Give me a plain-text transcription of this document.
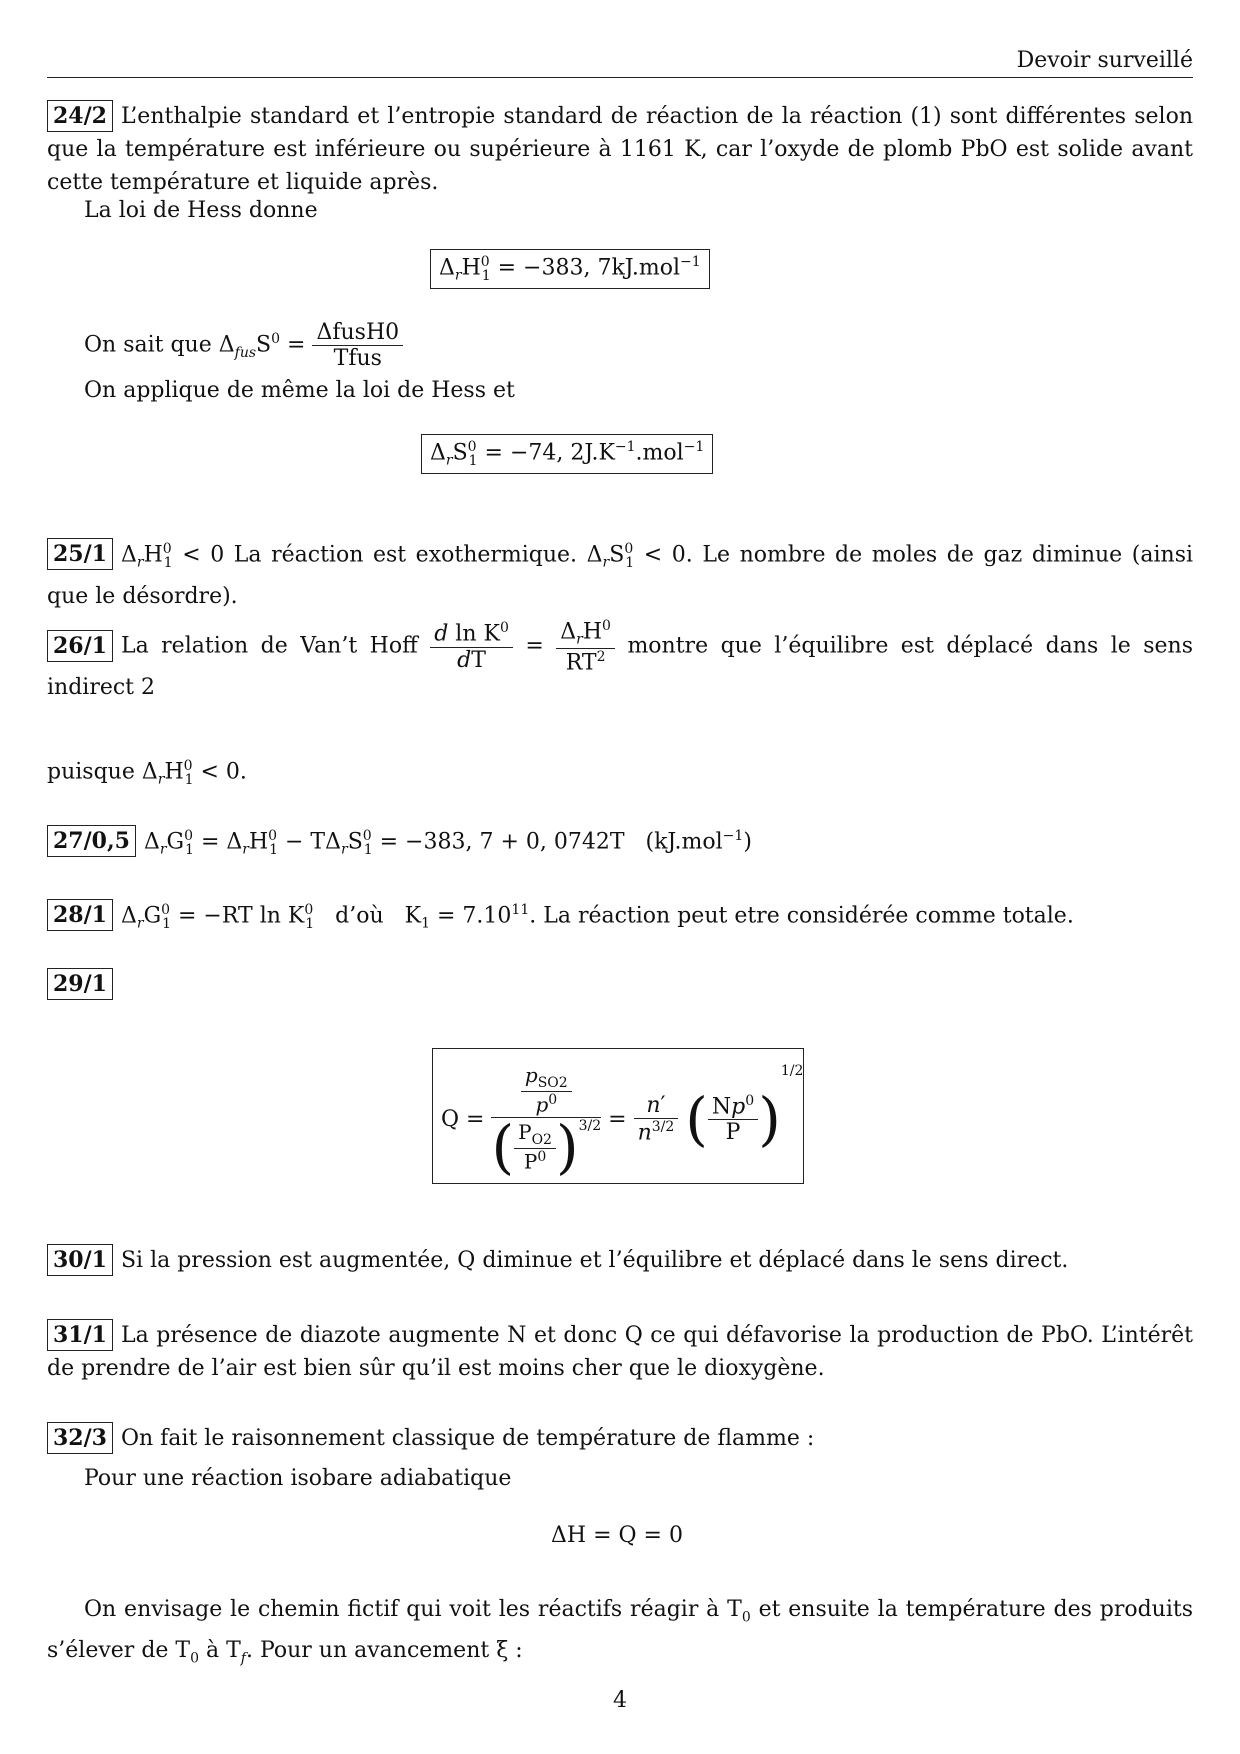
Devoir surveillé
24/2 L’enthalpie standard et l’entropie standard de réaction de la réaction (1) sont différentes selon que la température est inférieure ou supérieure à 1161 K, car l’oxyde de plomb PbO est solide avant cette température et liquide après.
La loi de Hess donne
$\Delta_rH^0_1 = -383$, 7kJ.mol$^{-1}$
On sait que $\Delta_{fus}S^0 = \frac{\text{ΔfusH0}}{\text{Tfus}}$
On applique de même la loi de Hess et
$\Delta_rS^0_1 = -74$, $2J.K^{-1}.mol^{-1}$
25/1 $\Delta_rH^0_1 < 0$ La réaction est exothermique. $\Delta_rS^0_1 < 0$. Le nombre de moles de gaz diminue (ainsi que le désordre).
26/1 La relation de Van’t Hoff $\frac{d \ln K^0}{dT} = \frac{\Delta_rH^0}{RT^2}$ montre que l’équilibre est déplacé dans le sens indirect 2
puisque $\Delta_rH^0_1 < 0$.
27/0,5 $\Delta_rG^0_1 = \Delta_rH^0_1 - T\Delta_rS^0_1 = -383$, 7 + 0, 0742T (kJ.mol$^{-1}$)
28/1 $\Delta_rG^0_1 = -RT$ $\ln K^0_1$ d’où   $K_1 = 7.10^{11}$. La réaction peut etre considérée comme totale.
29/1
$Q = \frac{\frac{p_{SO2}}{p^0}}{( \frac{P_{O2}}{P^0} )^{3/2}} = \frac{n'}{n^{3/2}}$ ( $\frac{Np^0}{P} )^{1/2}$
30/1 Si la pression est augmentée, Q diminue et l’équilibre et déplacé dans le sens direct.
31/1 La présence de diazote augmente N et donc Q ce qui défavorise la production de PbO. L’intérêt de prendre de l’air est bien sûr qu’il est moins cher que le dioxygène.
32/3 On fait le raisonnement classique de température de flamme :
Pour une réaction isobare adiabatique
ΔH = Q = 0
On envisage le chemin fictif qui voit les réactifs réagir à $T_0$ et ensuite la température des produits s’élever de $T_0$ à $T_f$. Pour un avancement ξ :
4
